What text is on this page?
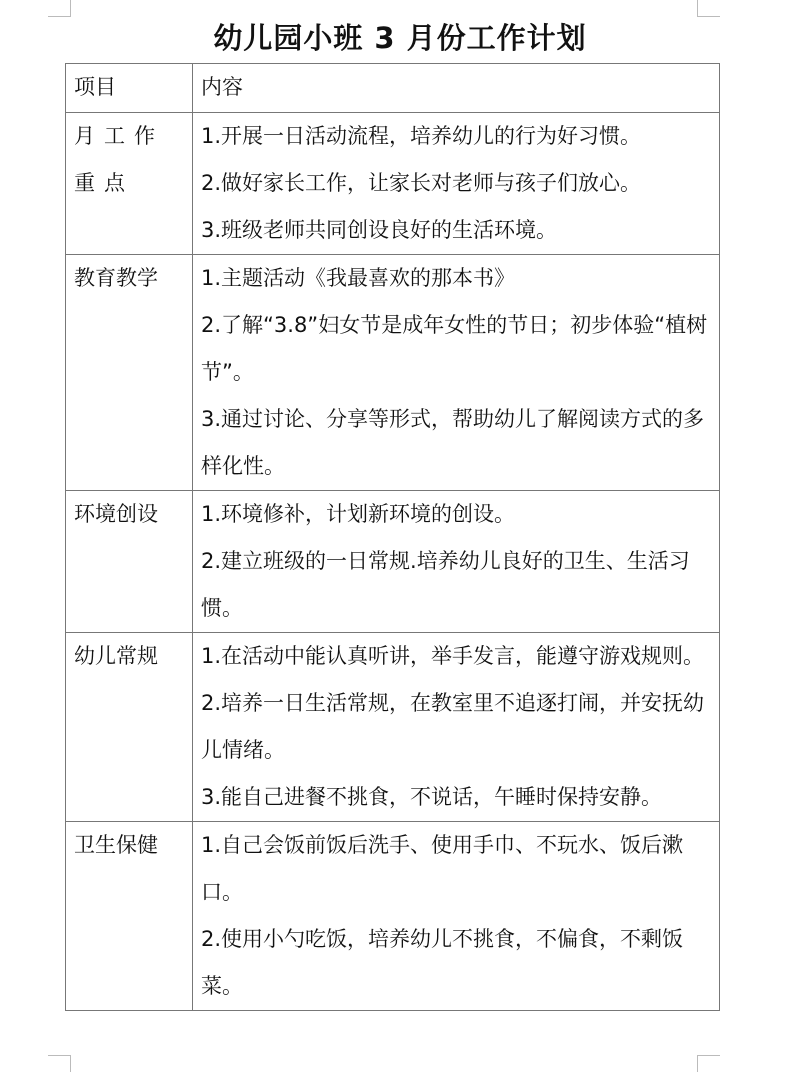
幼儿园小班 3 月份工作计划
项目	内容
月工作重点	1.开展一日活动流程，培养幼儿的行为好习惯。
2.做好家长工作，让家长对老师与孩子们放心。
3.班级老师共同创设良好的生活环境。

教育教学	1.主题活动《我最喜欢的那本书》
2.了解“3.8”妇女节是成年女性的节日；初步体验“植树节”。
3.通过讨论、分享等形式，帮助幼儿了解阅读方式的多样化性。

环境创设	1.环境修补，计划新环境的创设。
2.建立班级的一日常规.培养幼儿良好的卫生、生活习惯。

幼儿常规	1.在活动中能认真听讲，举手发言，能遵守游戏规则。
2.培养一日生活常规，在教室里不追逐打闹，并安抚幼儿情绪。
3.能自己进餐不挑食，不说话，午睡时保持安静。

卫生保健	1.自己会饭前饭后洗手、使用手巾、不玩水、饭后漱口。
2.使用小勺吃饭，培养幼儿不挑食，不偏食，不剩饭菜。
